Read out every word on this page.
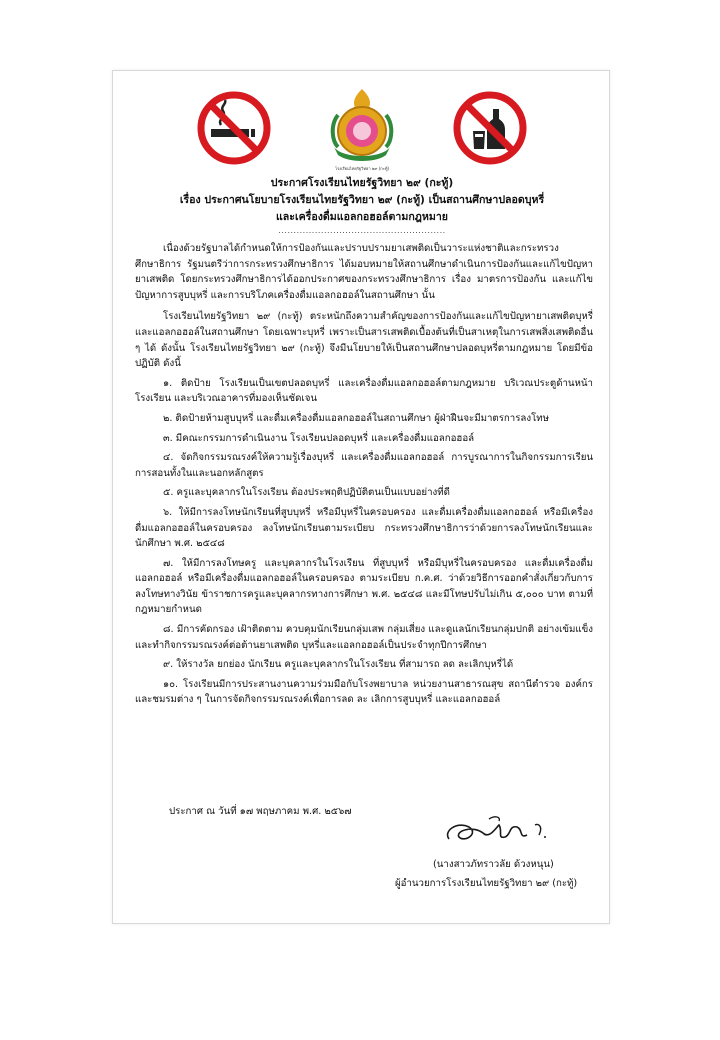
โรงเรียนไทยรัฐวิทยา ๒๙ (กะทู้)
ประกาศโรงเรียนไทยรัฐวิทยา ๒๙ (กะทู้)
เรื่อง ประกาศนโยบายโรงเรียนไทยรัฐวิทยา ๒๙ (กะทู้) เป็นสถานศึกษาปลอดบุหรี่
และเครื่องดื่มแอลกอฮอล์ตามกฎหมาย
.......................................................

เนื่องด้วยรัฐบาลได้กำหนดให้การป้องกันและปราบปรามยาเสพติดเป็นวาระแห่งชาติและกระทรวงศึกษาธิการ รัฐมนตรีว่าการกระทรวงศึกษาธิการ ได้มอบหมายให้สถานศึกษาดำเนินการป้องกันและแก้ไขปัญหายาเสพติด โดยกระทรวงศึกษาธิการได้ออกประกาศของกระทรวงศึกษาธิการ เรื่อง มาตรการป้องกัน และแก้ไขปัญหาการสูบบุหรี่ และการบริโภคเครื่องดื่มแอลกอฮอล์ในสถานศึกษา นั้น

โรงเรียนไทยรัฐวิทยา ๒๙ (กะทู้) ตระหนักถึงความสำคัญของการป้องกันและแก้ไขปัญหายาเสพติดบุหรี่ และแอลกอฮอล์ในสถานศึกษา โดยเฉพาะบุหรี่ เพราะเป็นสารเสพติดเบื้องต้นที่เป็นสาเหตุในการเสพสิ่งเสพติดอื่น ๆ ได้ ดังนั้น โรงเรียนไทยรัฐวิทยา ๒๙ (กะทู้) จึงมีนโยบายให้เป็นสถานศึกษาปลอดบุหรี่ตามกฎหมาย โดยมีข้อปฏิบัติ ดังนี้

๑. ติดป้าย โรงเรียนเป็นเขตปลอดบุหรี่ และเครื่องดื่มแอลกอฮอล์ตามกฎหมาย บริเวณประตูด้านหน้าโรงเรียน และบริเวณอาคารที่มองเห็นชัดเจน

๒. ติดป้ายห้ามสูบบุหรี่ และดื่มเครื่องดื่มแอลกอฮอล์ในสถานศึกษา ผู้ฝ่าฝืนจะมีมาตรการลงโทษ

๓. มีคณะกรรมการดำเนินงาน โรงเรียนปลอดบุหรี่ และเครื่องดื่มแอลกอฮอล์

๔. จัดกิจกรรมรณรงค์ให้ความรู้เรื่องบุหรี่ และเครื่องดื่มแอลกอฮอล์ การบูรณาการในกิจกรรมการเรียนการสอนทั้งในและนอกหลักสูตร

๕. ครูและบุคลากรในโรงเรียน ต้องประพฤติปฏิบัติตนเป็นแบบอย่างที่ดี

๖. ให้มีการลงโทษนักเรียนที่สูบบุหรี่ หรือมีบุหรี่ในครอบครอง และดื่มเครื่องดื่มแอลกอฮอล์ หรือมีเครื่องดื่มแอลกอฮอล์ในครอบครอง ลงโทษนักเรียนตามระเบียบ กระทรวงศึกษาธิการว่าด้วยการลงโทษนักเรียนและนักศึกษา พ.ศ. ๒๕๔๘

๗. ให้มีการลงโทษครู และบุคลากรในโรงเรียน ที่สูบบุหรี่ หรือมีบุหรี่ในครอบครอง และดื่มเครื่องดื่มแอลกอฮอล์ หรือมีเครื่องดื่มแอลกอฮอล์ในครอบครอง ตามระเบียบ ก.ค.ศ. ว่าด้วยวิธีการออกคำสั่งเกี่ยวกับการลงโทษทางวินัย ข้าราชการครูและบุคลากรทางการศึกษา พ.ศ. ๒๕๔๘ และมีโทษปรับไม่เกิน ๕,๐๐๐ บาท ตามที่กฎหมายกำหนด

๘. มีการคัดกรอง เฝ้าติดตาม ควบคุมนักเรียนกลุ่มเสพ กลุ่มเสี่ยง และดูแลนักเรียนกลุ่มปกติ อย่างเข้มแข็ง และทำกิจกรรมรณรงค์ต่อต้านยาเสพติด บุหรี่และแอลกอฮอล์เป็นประจำทุกปีการศึกษา

๙. ให้รางวัล ยกย่อง นักเรียน ครูและบุคลากรในโรงเรียน ที่สามารถ ลด ละเลิกบุหรี่ได้

๑๐. โรงเรียนมีการประสานงานความร่วมมือกับโรงพยาบาล หน่วยงานสาธารณสุข สถานีตำรวจ องค์กรและชมรมต่าง ๆ ในการจัดกิจกรรมรณรงค์เพื่อการลด ละ เลิกการสูบบุหรี่ และแอลกอฮอล์

ประกาศ ณ วันที่ ๑๗ พฤษภาคม พ.ศ. ๒๕๖๗
(นางสาวภัทราวลัย ด้วงหนุน)
ผู้อำนวยการโรงเรียนไทยรัฐวิทยา ๒๙ (กะทู้)
